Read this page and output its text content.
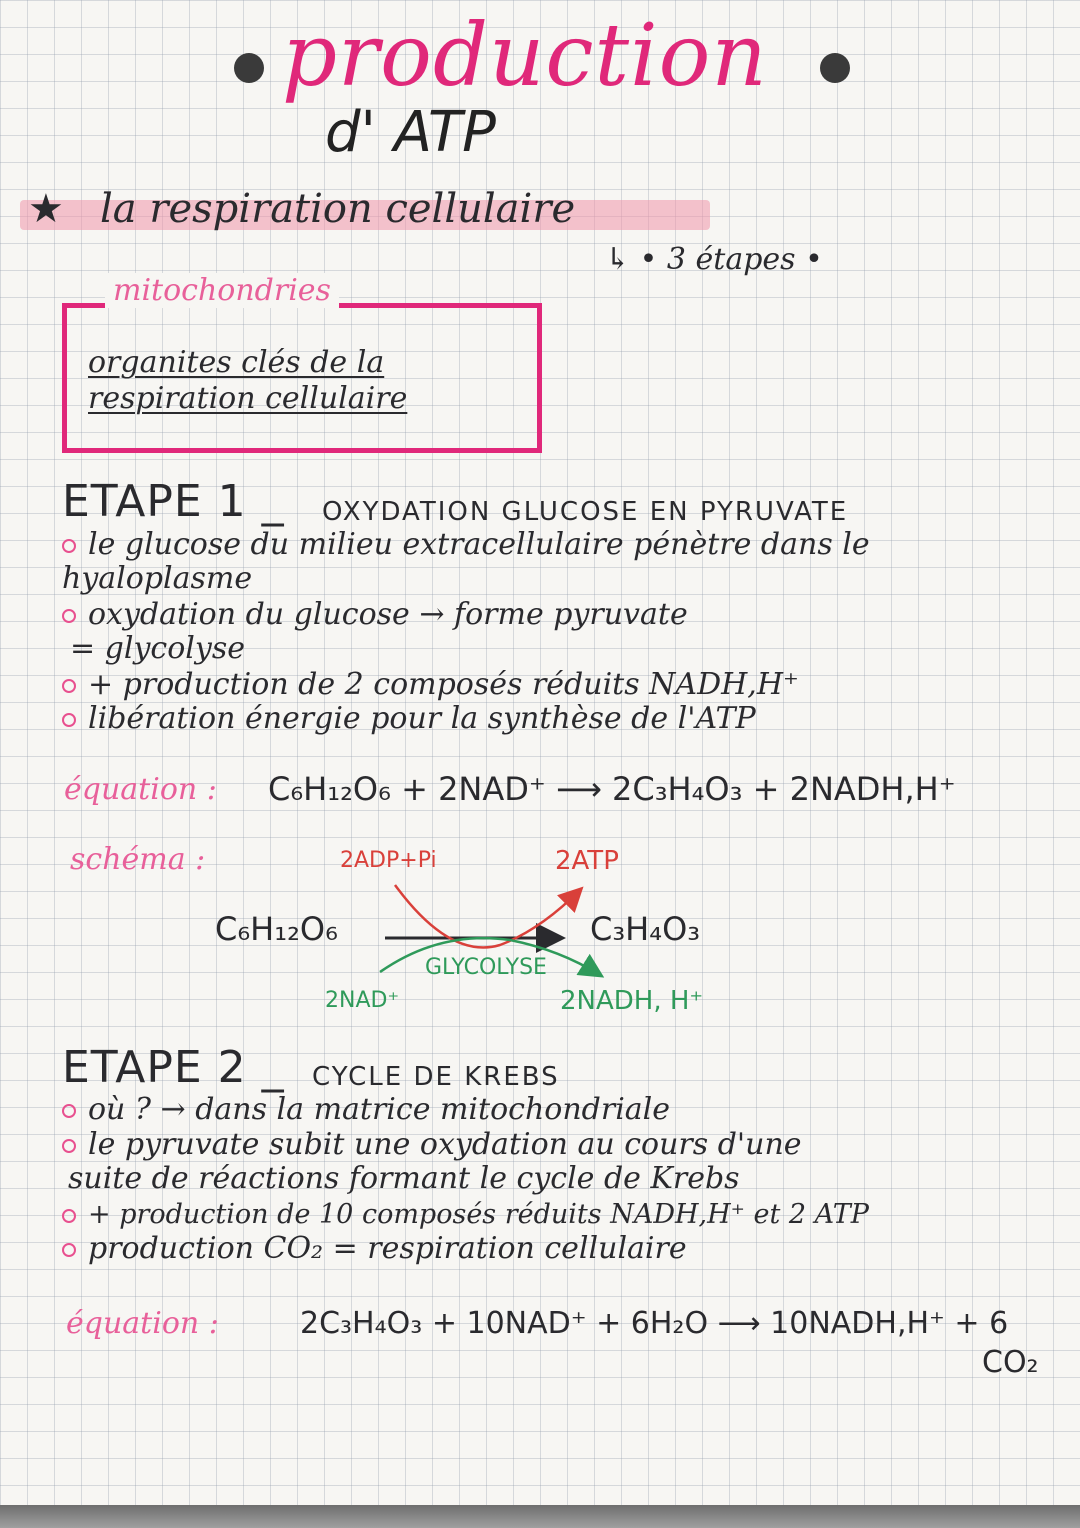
production
d' ATP
★ la respiration cellulaire
↳ • 3 étapes •
mitochondries
organites clés de la
respiration cellulaire
ETAPE 1 _ OXYDATION GLUCOSE EN PYRUVATE
le glucose du milieu extracellulaire pénètre dans le
hyaloplasme
oxydation du glucose → forme pyruvate
= glycolyse
+ production de 2 composés réduits NADH,H⁺
libération énergie pour la synthèse de l'ATP
équation : C₆H₁₂O₆ + 2NAD⁺ ⟶ 2C₃H₄O₃ + 2NADH,H⁺
schéma :	2ADP+Pi	2ATP
C₆H₁₂O₆	C₃H₄O₃
GLYCOLYSE
2NAD⁺	2NADH, H⁺
ETAPE 2 _ CYCLE DE KREBS
où ? → dans la matrice mitochondriale
le pyruvate subit une oxydation au cours d'une
suite de réactions formant le cycle de Krebs
+ production de 10 composés réduits NADH,H⁺ et 2 ATP
production CO₂ = respiration cellulaire
équation :	2C₃H₄O₃ + 10NAD⁺ + 6H₂O ⟶ 10NADH,H⁺ + 6
CO₂
